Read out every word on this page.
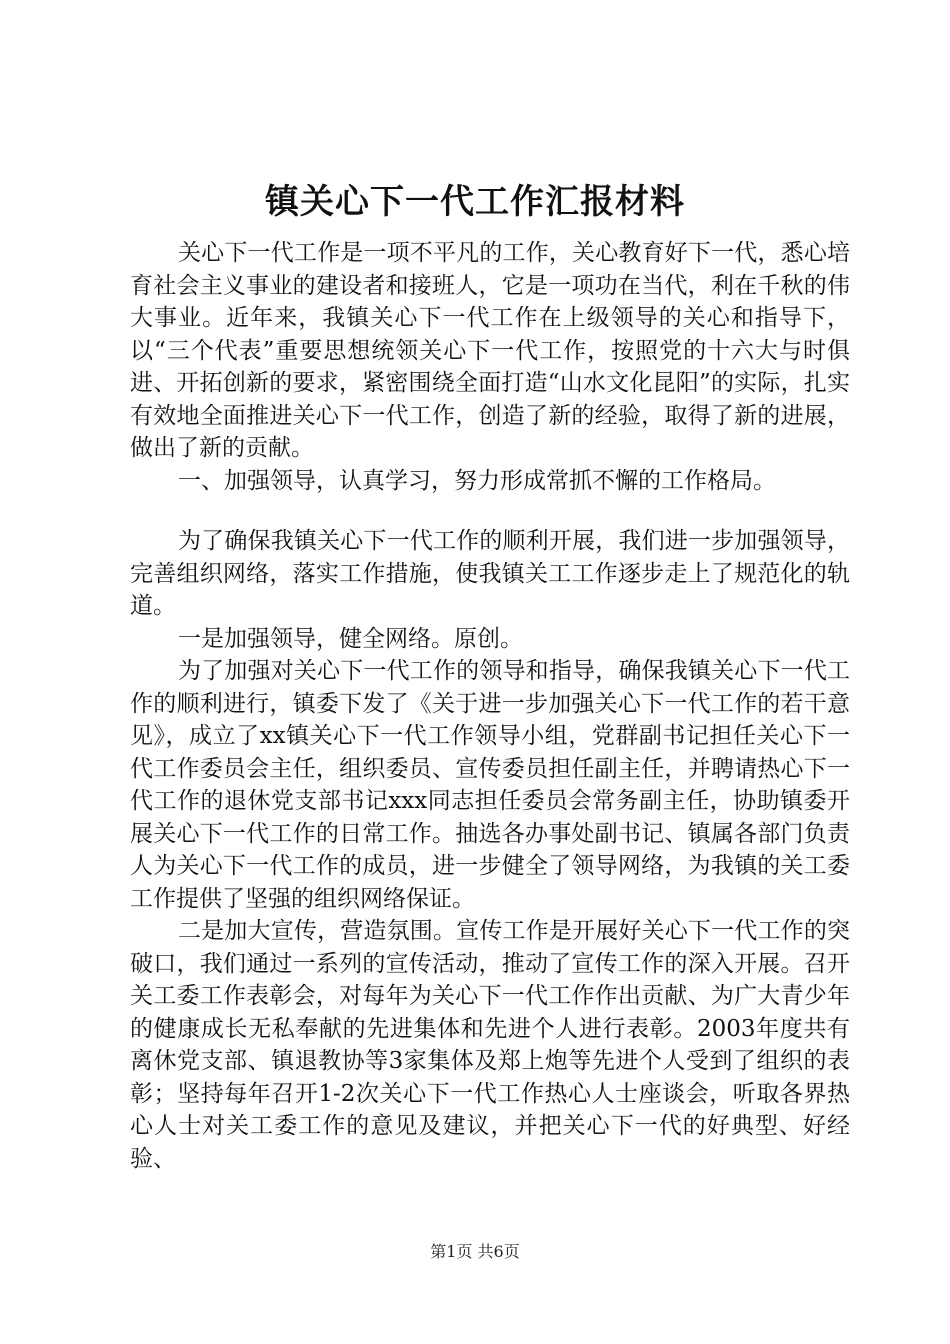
镇关心下一代工作汇报材料

关心下一代工作是一项不平凡的工作，关心教育好下一代，悉心培育社会主义事业的建设者和接班人，它是一项功在当代，利在千秋的伟大事业。近年来，我镇关心下一代工作在上级领导的关心和指导下，以“三个代表”重要思想统领关心下一代工作，按照党的十六大与时俱进、开拓创新的要求，紧密围绕全面打造“山水文化昆阳”的实际，扎实有效地全面推进关心下一代工作，创造了新的经验，取得了新的进展，做出了新的贡献。

一、加强领导，认真学习，努力形成常抓不懈的工作格局。

为了确保我镇关心下一代工作的顺利开展，我们进一步加强领导，完善组织网络，落实工作措施，使我镇关工工作逐步走上了规范化的轨道。

一是加强领导，健全网络。原创。

为了加强对关心下一代工作的领导和指导，确保我镇关心下一代工作的顺利进行，镇委下发了《关于进一步加强关心下一代工作的若干意见》，成立了xx镇关心下一代工作领导小组，党群副书记担任关心下一代工作委员会主任，组织委员、宣传委员担任副主任，并聘请热心下一代工作的退休党支部书记xxx同志担任委员会常务副主任，协助镇委开展关心下一代工作的日常工作。抽选各办事处副书记、镇属各部门负责人为关心下一代工作的成员，进一步健全了领导网络，为我镇的关工委工作提供了坚强的组织网络保证。

二是加大宣传，营造氛围。宣传工作是开展好关心下一代工作的突破口，我们通过一系列的宣传活动，推动了宣传工作的深入开展。召开关工委工作表彰会，对每年为关心下一代工作作出贡献、为广大青少年的健康成长无私奉献的先进集体和先进个人进行表彰。2003年度共有离休党支部、镇退教协等3家集体及郑上炮等先进个人受到了组织的表彰；坚持每年召开1-2次关心下一代工作热心人士座谈会，听取各界热心人士对关工委工作的意见及建议，并把关心下一代的好典型、好经验、

第1页 共6页
